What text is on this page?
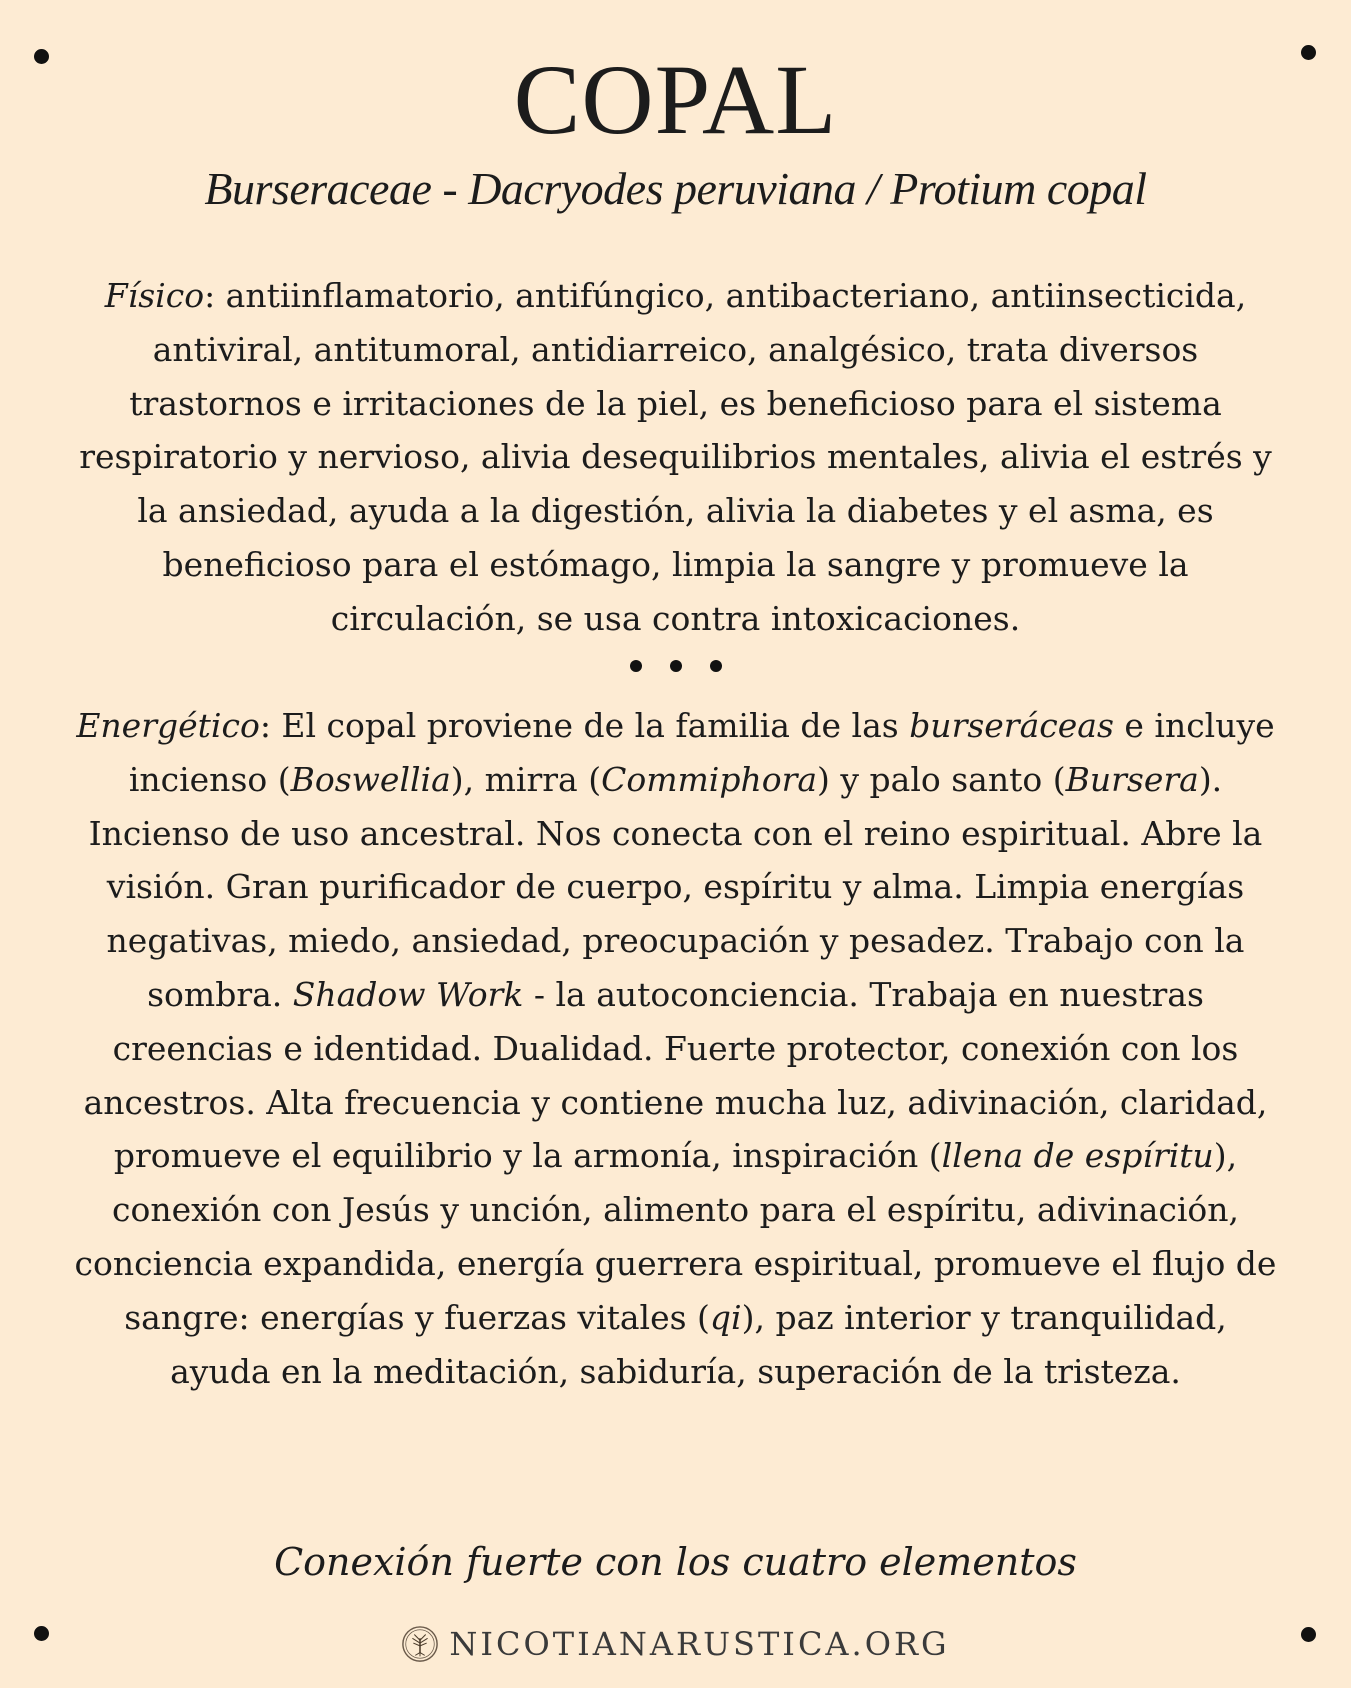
COPAL
Burseraceae - Dacryodes peruviana / Protium copal

Físico: antiinflamatorio, antifúngico, antibacteriano, antiinsecticida, antiviral, antitumoral, antidiarreico, analgésico, trata diversos trastornos e irritaciones de la piel, es beneficioso para el sistema respiratorio y nervioso, alivia desequilibrios mentales, alivia el estrés y la ansiedad, ayuda a la digestión, alivia la diabetes y el asma, es beneficioso para el estómago, limpia la sangre y promueve la circulación, se usa contra intoxicaciones.

Energético: El copal proviene de la familia de las burseráceas e incluye incienso (Boswellia), mirra (Commiphora) y palo santo (Bursera). Incienso de uso ancestral. Nos conecta con el reino espiritual. Abre la visión. Gran purificador de cuerpo, espíritu y alma. Limpia energías negativas, miedo, ansiedad, preocupación y pesadez. Trabajo con la sombra. Shadow Work - la autoconciencia. Trabaja en nuestras creencias e identidad. Dualidad. Fuerte protector, conexión con los ancestros. Alta frecuencia y contiene mucha luz, adivinación, claridad, promueve el equilibrio y la armonía, inspiración (llena de espíritu), conexión con Jesús y unción, alimento para el espíritu, adivinación, conciencia expandida, energía guerrera espiritual, promueve el flujo de sangre: energías y fuerzas vitales (qi), paz interior y tranquilidad, ayuda en la meditación, sabiduría, superación de la tristeza.

Conexión fuerte con los cuatro elementos
NICOTIANARUSTICA.ORG
